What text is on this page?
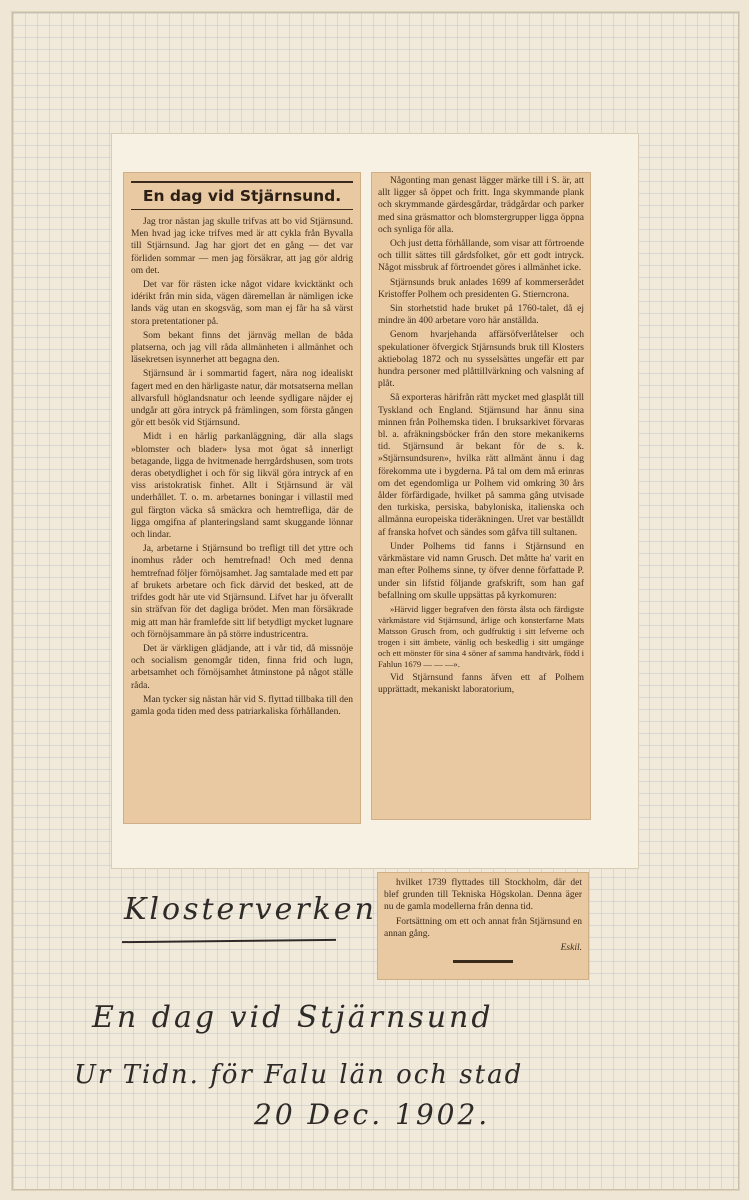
En dag vid Stjärnsund.

Jag tror nästan jag skulle trifvas att bo vid Stjärnsund. Men hvad jag icke trifves med är att cykla från Byvalla till Stjärnsund. Jag har gjort det en gång — det var förliden sommar — men jag försäkrar, att jag gör aldrig om det.

Det var för rästen icke något vidare kvicktänkt och idérikt från min sida, vägen däremellan är nämligen icke lands väg utan en skogsväg, som man ej får ha så värst stora pretentationer på.

Som bekant finns det järnväg mellan de båda platserna, och jag vill råda allmänheten i allmänhet och läsekretsen isynnerhet att begagna den.

Stjärnsund är i sommartid fagert, nära nog idealiskt fagert med en den härligaste natur, där motsatserna mellan allvarsfull höglandsnatur och leende sydligare näjder ej undgår att göra intryck på främlingen, som första gången gör ett besök vid Stjärnsund.

Midt i en härlig parkanläggning, där alla slags »blomster och blader» lysa mot ögat så innerligt betagande, ligga de hvitmenade herrgårdshusen, som trots deras obetydlighet i och för sig likväl göra intryck af en viss aristokratisk finhet. Allt i Stjärnsund är väl underhållet. T. o. m. arbetarnes boningar i villastil med gul färgton väcka så smäckra och hemtrefliga, där de ligga omgifna af planteringsland samt skuggande lönnar och lindar.

Ja, arbetarne i Stjärnsund bo trefligt till det yttre och inomhus råder och hemtrefnad! Och med denna hemtrefnad följer förnöjsamhet. Jag samtalade med ett par af brukets arbetare och fick därvid det besked, att de trifdes godt här ute vid Stjärnsund. Lifvet har ju öfverallt sin sträfvan för det dagliga brödet. Men man försäkrade mig att man här framlefde sitt lif betydligt mycket lugnare och förnöjsammare än på större industricentra.

Det är värkligen glädjande, att i vår tid, då missnöje och socialism genomgår tiden, finna frid och lugn, arbetsamhet och förnöjsamhet åtminstone på något ställe råda.

Man tycker sig nästan här vid S. flyttad tillbaka till den gamla goda tiden med dess patriarkaliska förhållanden.

Någonting man genast lägger märke till i S. är, att allt ligger så öppet och fritt. Inga skymmande plank och skrymmande gärdesgårdar, trädgårdar och parker med sina gräsmattor och blomstergrupper ligga öppna och synliga för alla.

Och just detta förhållande, som visar att förtroende och tillit sättes till gårdsfolket, gör ett godt intryck. Något missbruk af förtroendet göres i allmänhet icke.

Stjärnsunds bruk anlades 1699 af kommerserådet Kristoffer Polhem och presidenten G. Stierncrona.

Sin storhetstid hade bruket på 1760-talet, då ej mindre än 400 arbetare voro här anställda.

Genom hvarjehanda affärsöfverlåtelser och spekulationer öfvergick Stjärnsunds bruk till Klosters aktiebolag 1872 och nu sysselsättes ungefär ett par hundra personer med plåttillvärkning och valsning af plåt.

Så exporteras härifrån rätt mycket med glasplåt till Tyskland och England. Stjärnsund har ännu sina minnen från Polhemska tiden. I bruksarkivet förvaras bl. a. afräkningsböcker från den store mekanikerns tid. Stjärnsund är bekant för de s. k. »Stjärnsundsuren», hvilka rätt allmänt ännu i dag förekomma ute i bygderna. På tal om dem må erinras om det egendomliga ur Polhem vid omkring 30 års ålder förfärdigade, hvilket på samma gång utvisade den turkiska, persiska, babyloniska, italienska och allmänna europeiska tideräkningen. Uret var beställdt af franska hofvet och sändes som gåfva till sultanen.

Under Polhems tid fanns i Stjärnsund en värkmästare vid namn Grusch. Det måtte ha' varit en man efter Polhems sinne, ty öfver denne författade P. under sin lifstid följande grafskrift, som han gaf befallning om skulle uppsättas på kyrkomuren:

»Härvid ligger begrafven den första ålsta och färdigste värkmästare vid Stjärnsund, ärlige och konsterfarne Mats Matsson Grusch from, och gudfruktig i sitt lefverne och trogen i sitt ämbete, vänlig och beskedlig i sitt umgänge och ett mönster för sina 4 söner af samma handtvärk, född i Fahlun 1679 — — —».

Vid Stjärnsund fanns äfven ett af Polhem upprättadt, mekaniskt laboratorium,

hvilket 1739 flyttades till Stockholm, där det blef grunden till Tekniska Högskolan. Denna äger nu de gamla modellerna från denna tid.

Fortsättning om ett och annat från Stjärnsund en annan gång.

Eskil.
Klosterverken
En dag vid Stjärnsund
Ur Tidn. för Falu län och stad
20 Dec. 1902.
